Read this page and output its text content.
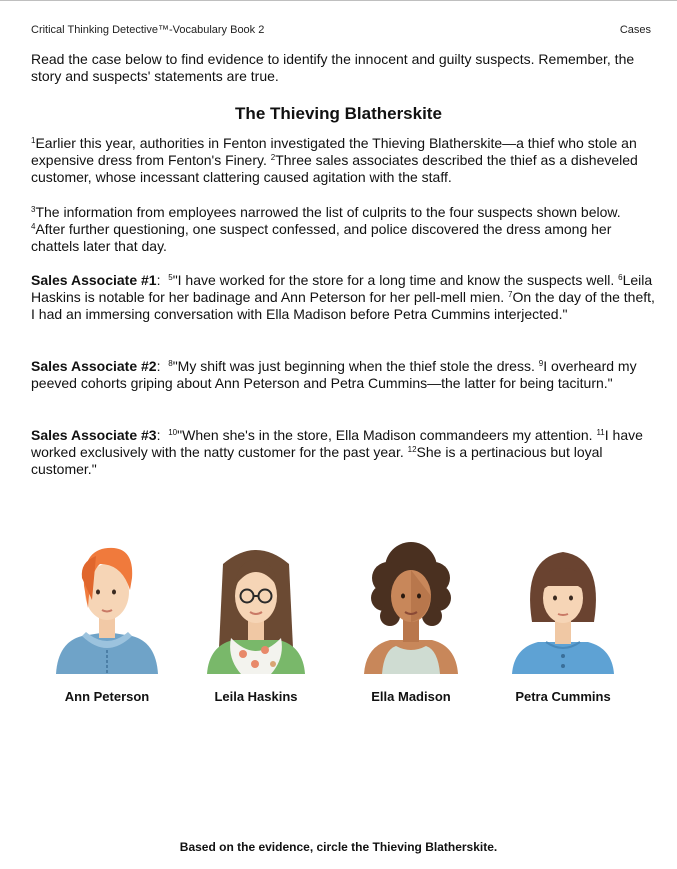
Critical Thinking Detective™-Vocabulary Book 2	Cases

Read the case below to find evidence to identify the innocent and guilty suspects. Remember, the story and suspects' statements are true.

The Thieving Blatherskite

$^1$Earlier this year, authorities in Fenton investigated the Thieving Blatherskite—a thief who stole an expensive dress from Fenton's Finery. $^2$Three sales associates described the thief as a disheveled customer, whose incessant clattering caused agitation with the staff.

$^3$The information from employees narrowed the list of culprits to the four suspects shown below. $^4$After further questioning, one suspect confessed, and police discovered the dress among her chattels later that day.

Sales Associate #1:  $^5$"I have worked for the store for a long time and know the suspects well. $^6$Leila Haskins is notable for her badinage and Ann Peterson for her pell-mell mien. $^7$On the day of the theft, I had an immersing conversation with Ella Madison before Petra Cummins interjected."

Sales Associate #2:  $^8$"My shift was just beginning when the thief stole the dress. $^9$I overheard my peeved cohorts griping about Ann Peterson and Petra Cummins—the latter for being taciturn."

Sales Associate #3:  $^{10}$"When she's in the store, Ella Madison commandeers my attention. $^{11}$I have worked exclusively with the natty customer for the past year. $^{12}$She is a pertinacious but loyal customer."

Ann Peterson	Leila Haskins	Ella Madison	Petra Cummins

Based on the evidence, circle the Thieving Blatherskite.
